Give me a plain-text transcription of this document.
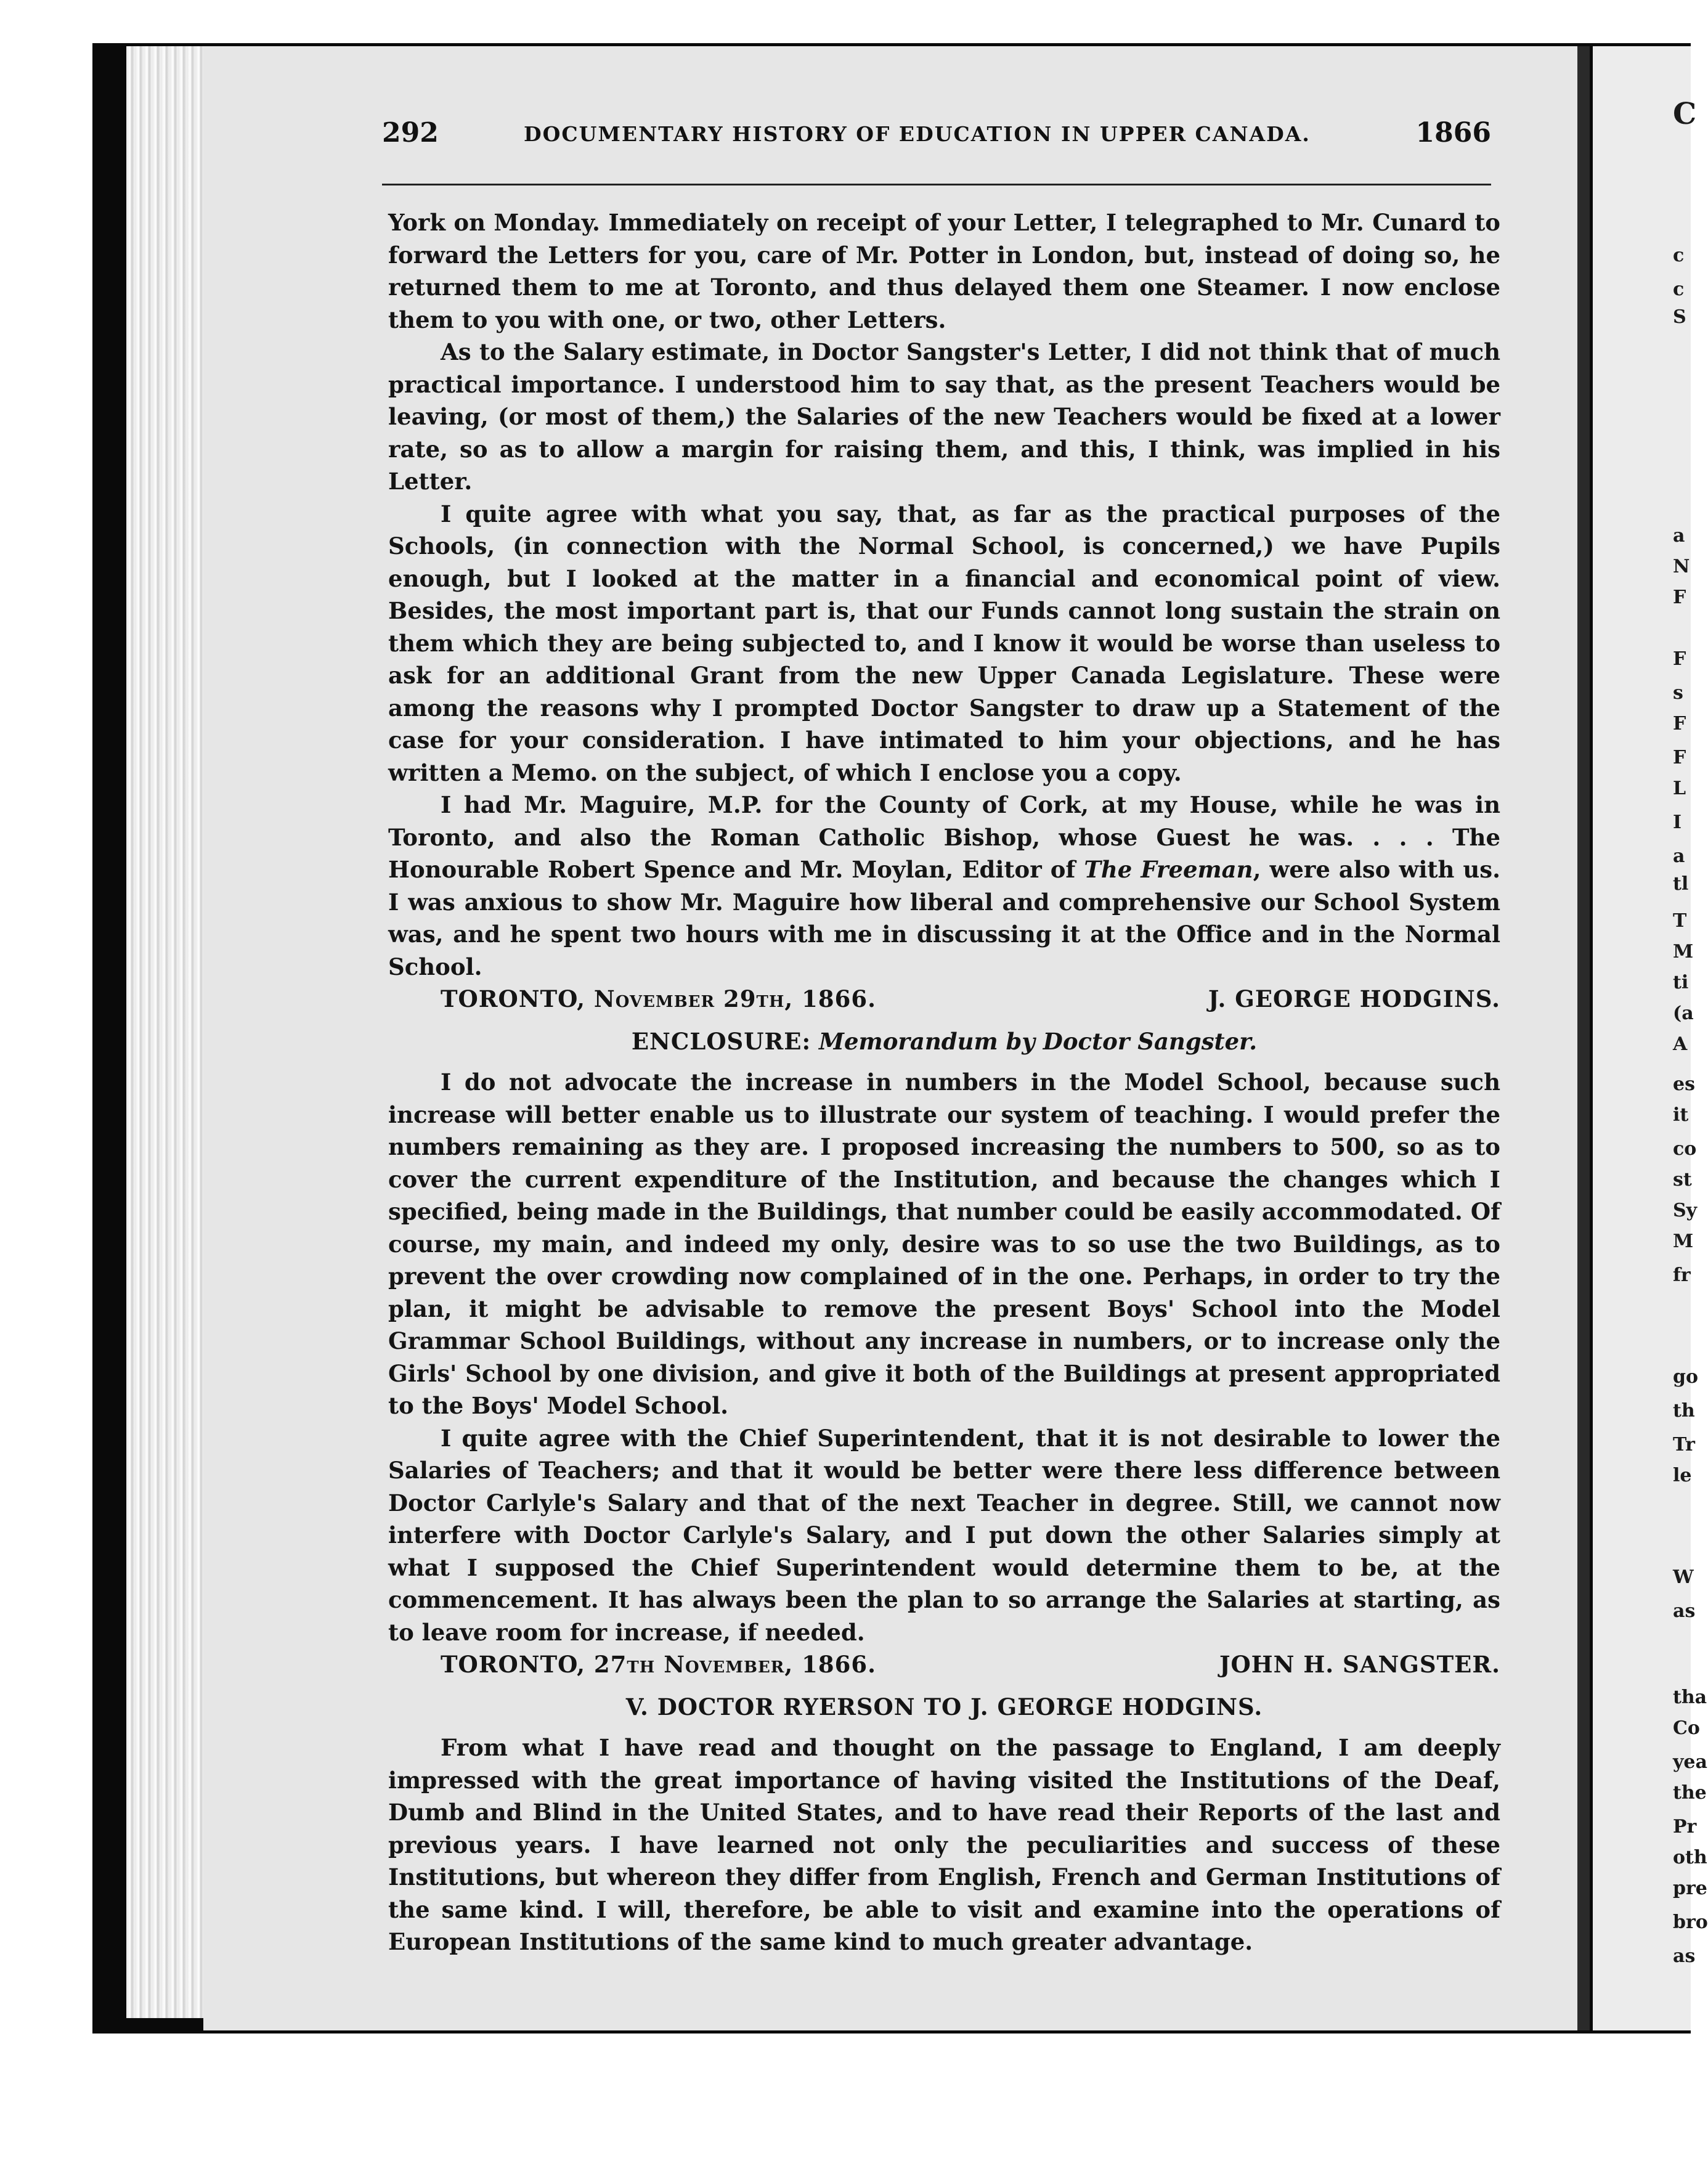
292	DOCUMENTARY HISTORY OF EDUCATION IN UPPER CANADA.	1866

York on Monday. Immediately on receipt of your Letter, I telegraphed to Mr. Cunard to forward the Letters for you, care of Mr. Potter in London, but, instead of doing so, he returned them to me at Toronto, and thus delayed them one Steamer. I now enclose them to you with one, or two, other Letters.

As to the Salary estimate, in Doctor Sangster's Letter, I did not think that of much practical importance. I understood him to say that, as the present Teachers would be leaving, (or most of them,) the Salaries of the new Teachers would be fixed at a lower rate, so as to allow a margin for raising them, and this, I think, was implied in his Letter.

I quite agree with what you say, that, as far as the practical purposes of the Schools, (in connection with the Normal School, is concerned,) we have Pupils enough, but I looked at the matter in a financial and economical point of view. Besides, the most important part is, that our Funds cannot long sustain the strain on them which they are being subjected to, and I know it would be worse than useless to ask for an additional Grant from the new Upper Canada Legislature. These were among the reasons why I prompted Doctor Sangster to draw up a Statement of the case for your consideration. I have intimated to him your objections, and he has written a Memo. on the subject, of which I enclose you a copy.

I had Mr. Maguire, M.P. for the County of Cork, at my House, while he was in Toronto, and also the Roman Catholic Bishop, whose Guest he was. . . . The Honourable Robert Spence and Mr. Moylan, Editor of The Freeman, were also with us. I was anxious to show Mr. Maguire how liberal and comprehensive our School System was, and he spent two hours with me in discussing it at the Office and in the Normal School.

TORONTO, November 29th, 1866.	J. GEORGE HODGINS.
ENCLOSURE: Memorandum by Doctor Sangster.

I do not advocate the increase in numbers in the Model School, because such increase will better enable us to illustrate our system of teaching. I would prefer the numbers remaining as they are. I proposed increasing the numbers to 500, so as to cover the current expenditure of the Institution, and because the changes which I specified, being made in the Buildings, that number could be easily accommodated. Of course, my main, and indeed my only, desire was to so use the two Buildings, as to prevent the over crowding now complained of in the one. Perhaps, in order to try the plan, it might be advisable to remove the present Boys' School into the Model Grammar School Buildings, without any increase in numbers, or to increase only the Girls' School by one division, and give it both of the Buildings at present appropriated to the Boys' Model School.

I quite agree with the Chief Superintendent, that it is not desirable to lower the Salaries of Teachers; and that it would be better were there less difference between Doctor Carlyle's Salary and that of the next Teacher in degree. Still, we cannot now interfere with Doctor Carlyle's Salary, and I put down the other Salaries simply at what I supposed the Chief Superintendent would determine them to be, at the commencement. It has always been the plan to so arrange the Salaries at starting, as to leave room for increase, if needed.

TORONTO, 27th November, 1866.	JOHN H. SANGSTER.
V. DOCTOR RYERSON TO J. GEORGE HODGINS.

From what I have read and thought on the passage to England, I am deeply impressed with the great importance of having visited the Institutions of the Deaf, Dumb and Blind in the United States, and to have read their Reports of the last and previous years. I have learned not only the peculiarities and success of these Institutions, but whereon they differ from English, French and German Institutions of the same kind. I will, therefore, be able to visit and examine into the operations of European Institutions of the same kind to much greater advantage.

C
c
c
S
a
N
F
F
s
F
F
L
I
a
tl
T
M
ti
(a
A
es
it
co
st
Sy
M
fr
go
th
Tr
le
W
as
tha
Co
yea
the
Pr
oth
pre
bro
as
